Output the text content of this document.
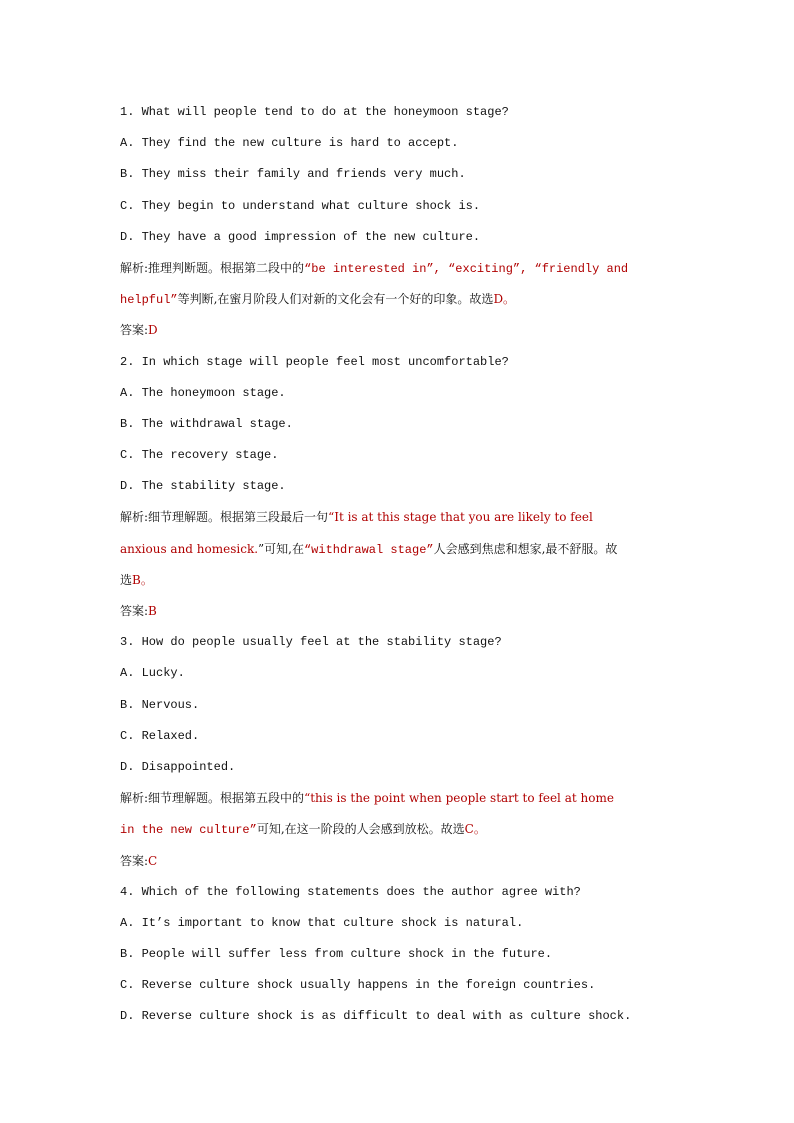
1. What will people tend to do at the honeymoon stage?
A. They find the new culture is hard to accept.
B. They miss their family and friends very much.
C. They begin to understand what culture shock is.
D. They have a good impression of the new culture.
解析:推理判断题。根据第二段中的“be interested in”, “exciting”, “friendly and
helpful”等判断,在蜜月阶段人们对新的文化会有一个好的印象。故选D。
答案:D
2. In which stage will people feel most uncomfortable?
A. The honeymoon stage.
B. The withdrawal stage.
C. The recovery stage.
D. The stability stage.
解析:细节理解题。根据第三段最后一句“It is at this stage that you are likely to feel
anxious and homesick.”可知,在“withdrawal stage”人会感到焦虑和想家,最不舒服。故
选B。
答案:B
3. How do people usually feel at the stability stage?
A. Lucky.
B. Nervous.
C. Relaxed.
D. Disappointed.
解析:细节理解题。根据第五段中的“this is the point when people start to feel at home
in the new culture”可知,在这一阶段的人会感到放松。故选C。
答案:C
4. Which of the following statements does the author agree with?
A. It’s important to know that culture shock is natural.
B. People will suffer less from culture shock in the future.
C. Reverse culture shock usually happens in the foreign countries.
D. Reverse culture shock is as difficult to deal with as culture shock.
